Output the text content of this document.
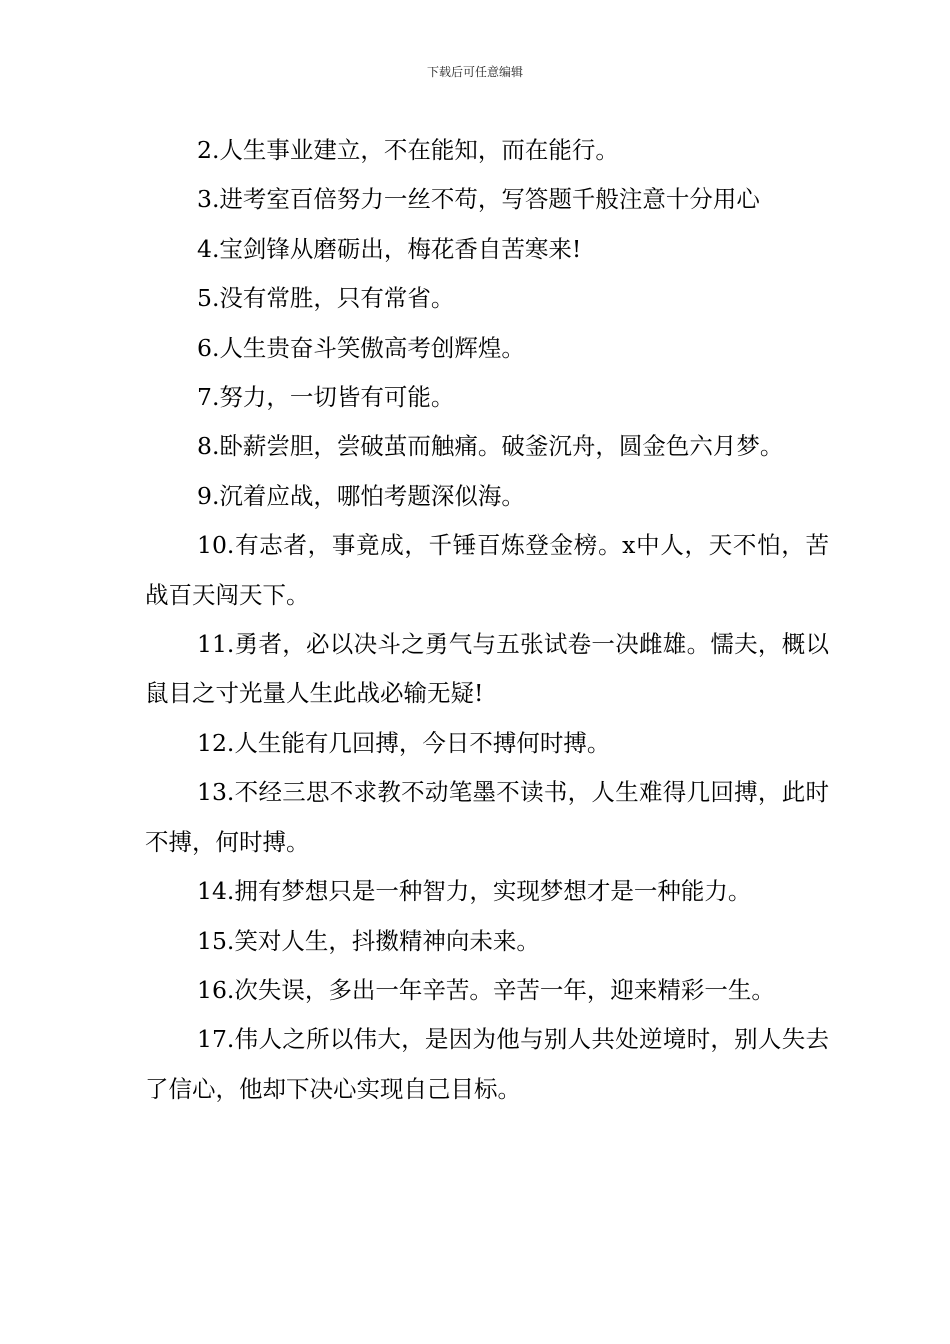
下载后可任意编辑

2.人生事业建立，不在能知，而在能行。

3.进考室百倍努力一丝不苟，写答题千般注意十分用心

4.宝剑锋从磨砺出，梅花香自苦寒来!

5.没有常胜，只有常省。

6.人生贵奋斗笑傲高考创辉煌。

7.努力，一切皆有可能。

8.卧薪尝胆，尝破茧而触痛。破釜沉舟，圆金色六月梦。

9.沉着应战，哪怕考题深似海。

10.有志者，事竟成，千锤百炼登金榜。x中人，天不怕，苦战百天闯天下。

11.勇者，必以决斗之勇气与五张试卷一决雌雄。懦夫，概以鼠目之寸光量人生此战必输无疑!

12.人生能有几回搏，今日不搏何时搏。

13.不经三思不求教不动笔墨不读书，人生难得几回搏，此时不搏，何时搏。

14.拥有梦想只是一种智力，实现梦想才是一种能力。

15.笑对人生，抖擞精神向未来。

16.次失误，多出一年辛苦。辛苦一年，迎来精彩一生。

17.伟人之所以伟大，是因为他与别人共处逆境时，别人失去了信心，他却下决心实现自己目标。
